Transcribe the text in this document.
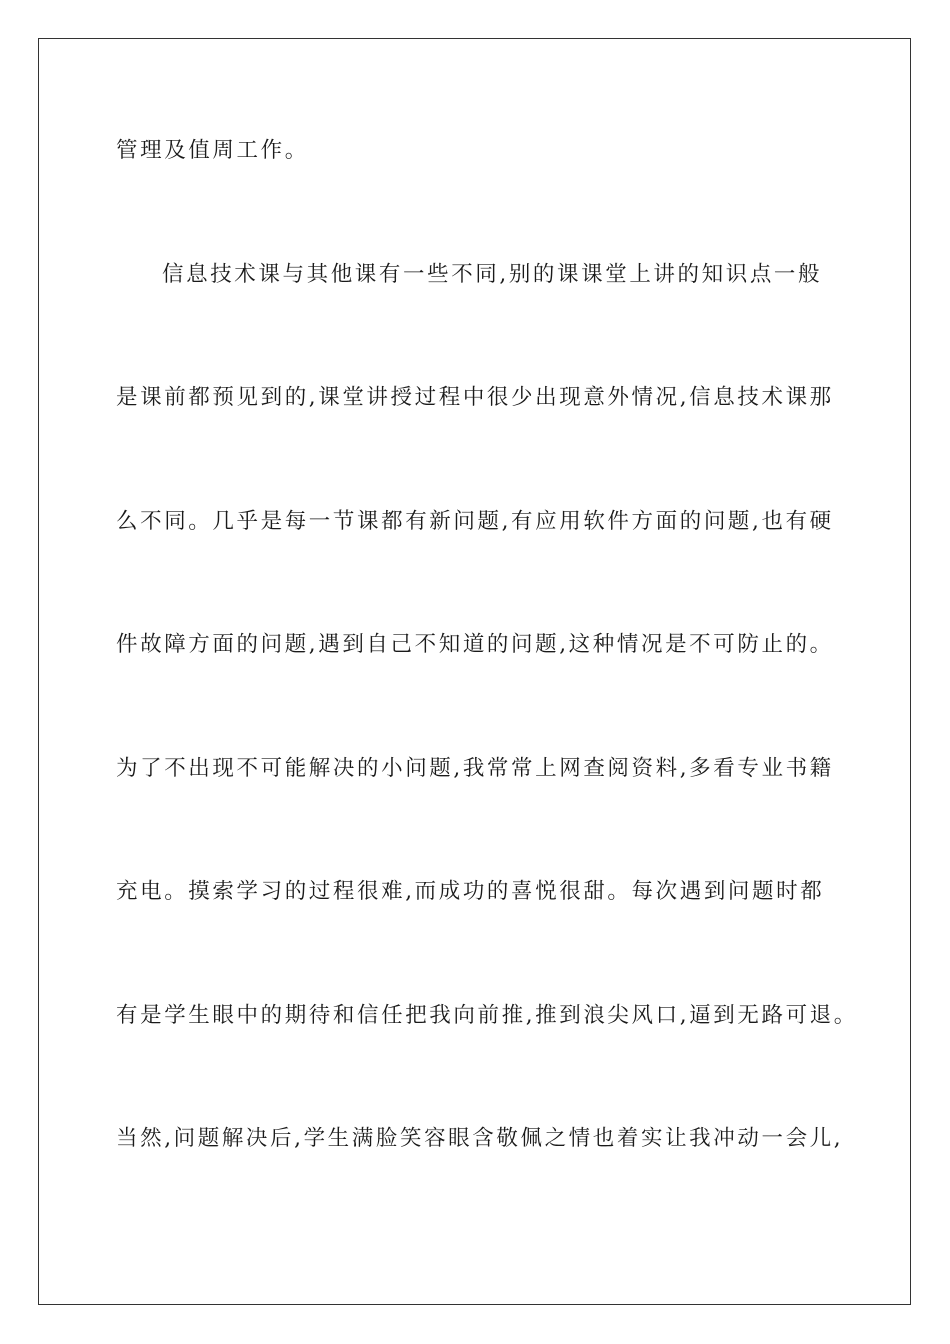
管理及值周工作。
信息技术课与其他课有一些不同,别的课课堂上讲的知识点一般
是课前都预见到的,课堂讲授过程中很少出现意外情况,信息技术课那
么不同。几乎是每一节课都有新问题,有应用软件方面的问题,也有硬
件故障方面的问题,遇到自己不知道的问题,这种情况是不可防止的。
为了不出现不可能解决的小问题,我常常上网查阅资料,多看专业书籍
充电。摸索学习的过程很难,而成功的喜悦很甜。每次遇到问题时都
有是学生眼中的期待和信任把我向前推,推到浪尖风口,逼到无路可退。
当然,问题解决后,学生满脸笑容眼含敬佩之情也着实让我冲动一会儿,
